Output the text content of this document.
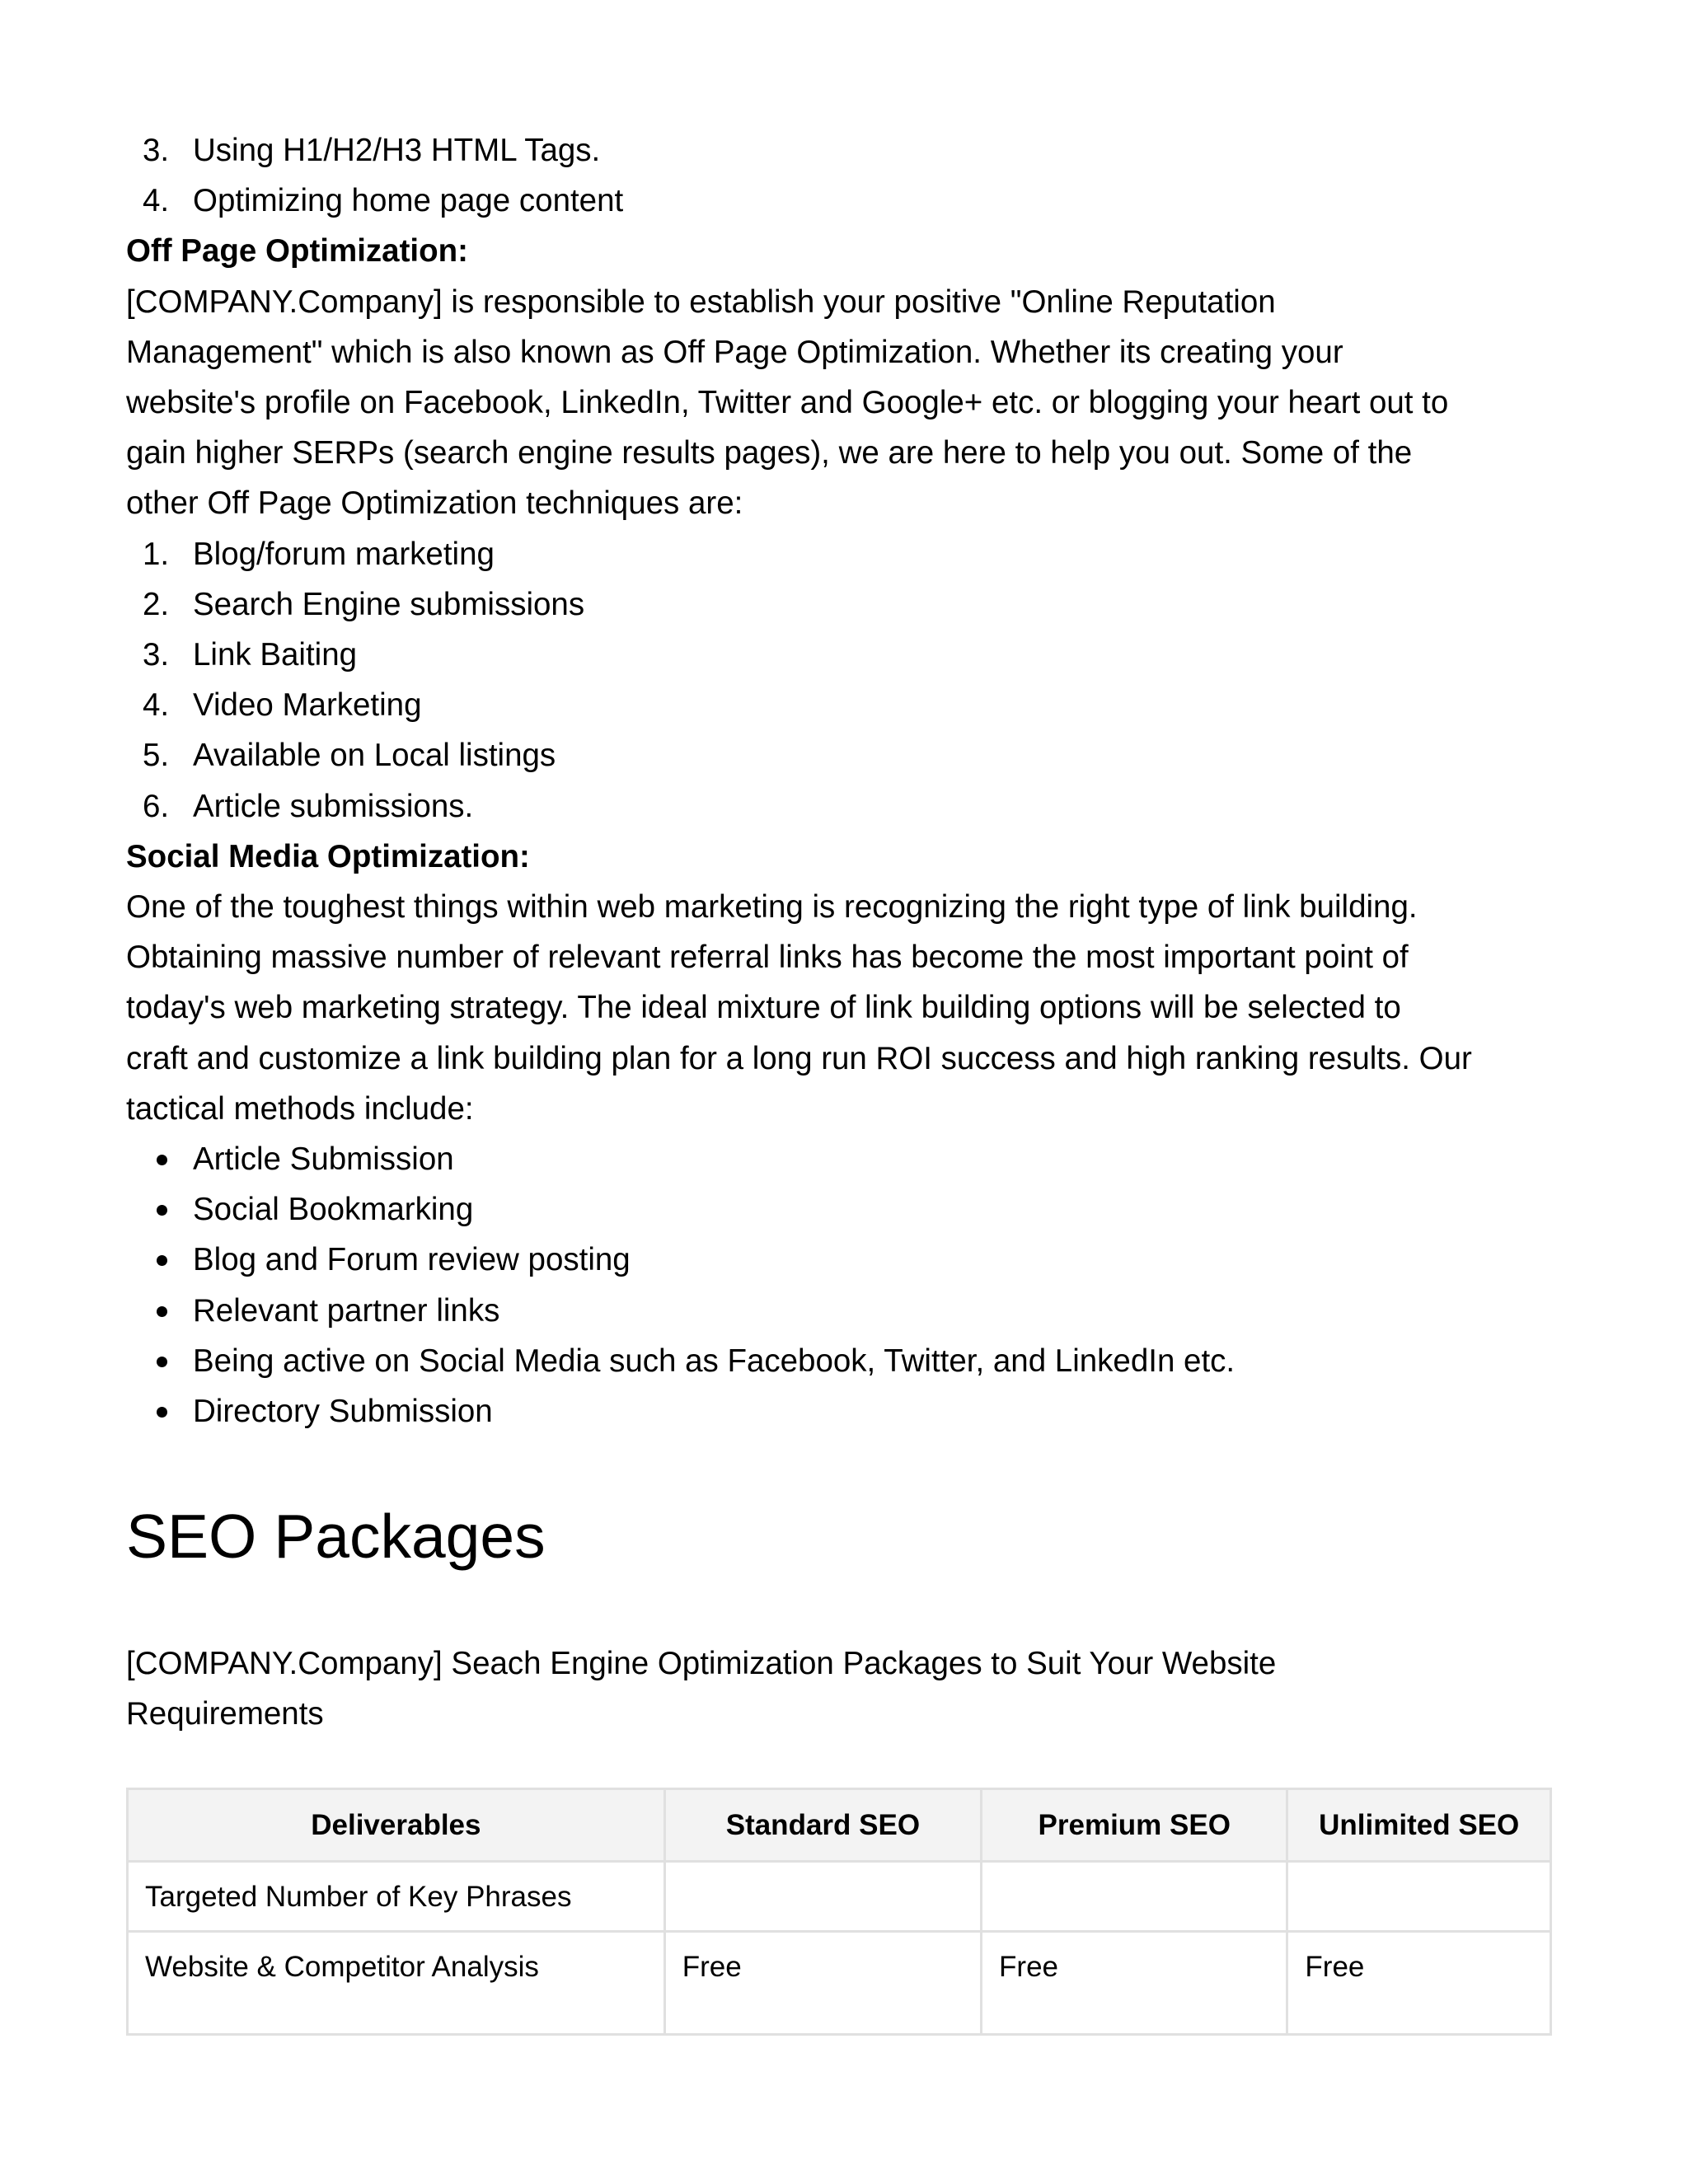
3. Using H1/H2/H3 HTML Tags.
4. Optimizing home page content

Off Page Optimization:

[COMPANY.Company] is responsible to establish your positive "Online Reputation

Management" which is also known as Off Page Optimization. Whether its creating your

website's profile on Facebook, LinkedIn, Twitter and Google+ etc. or blogging your heart out to

gain higher SERPs (search engine results pages), we are here to help you out. Some of the

other Off Page Optimization techniques are:

1. Blog/forum marketing
2. Search Engine submissions
3. Link Baiting
4. Video Marketing
5. Available on Local listings
6. Article submissions.

Social Media Optimization:

One of the toughest things within web marketing is recognizing the right type of link building.

Obtaining massive number of relevant referral links has become the most important point of

today's web marketing strategy. The ideal mixture of link building options will be selected to

craft and customize a link building plan for a long run ROI success and high ranking results. Our

tactical methods include:

Article Submission
Social Bookmarking
Blog and Forum review posting
Relevant partner links
Being active on Social Media such as Facebook, Twitter, and LinkedIn etc.
Directory Submission
SEO Packages
[COMPANY.Company] Seach Engine Optimization Packages to Suit Your Website
Requirements
Deliverables	Standard SEO	Premium SEO	Unlimited SEO
Targeted Number of Key Phrases			
Website & Competitor Analysis	Free	Free	Free
